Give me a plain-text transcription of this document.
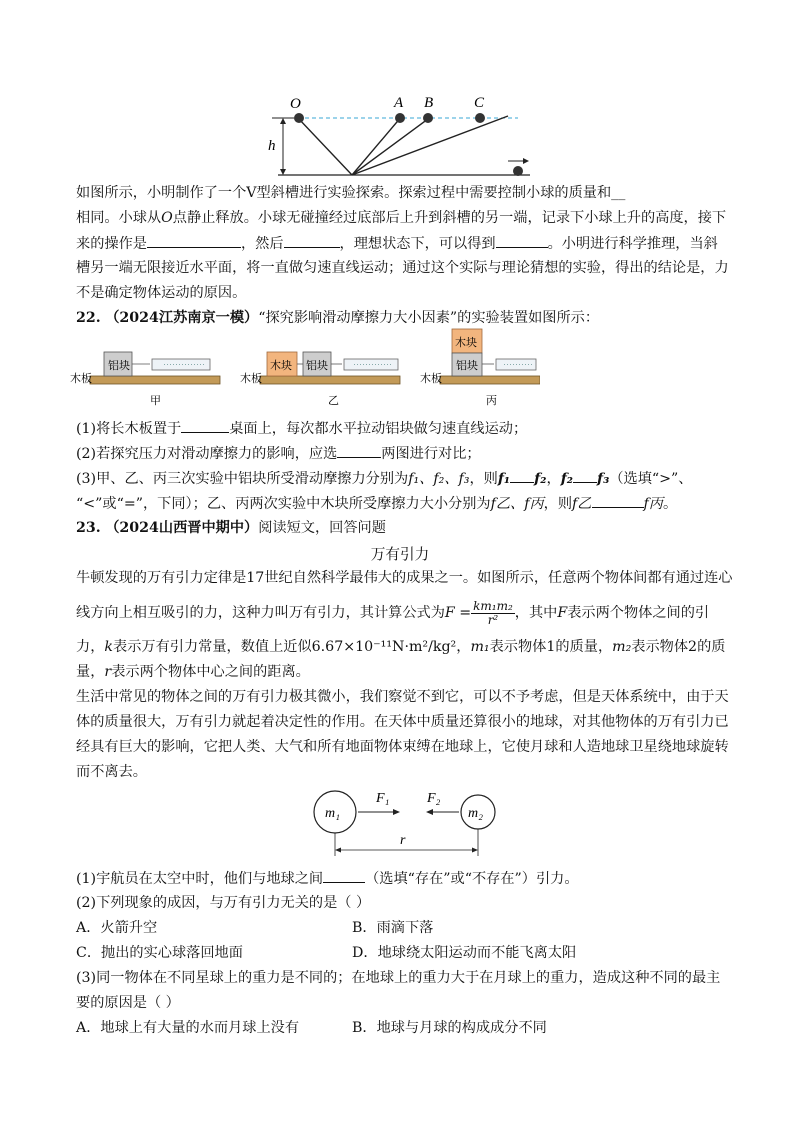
O	A B	C
h
如图所示，小明制作了一个V型斜槽进行实验探索。探索过程中需要控制小球的质量和__
相同。小球从O点静止释放。小球无碰撞经过底部后上升到斜槽的另一端，记录下小球上升的高度，接下
来的操作是	，然后	，理想状态下，可以得到	。小明进行科学推理，当斜
槽另一端无限接近水平面，将一直做匀速直线运动；通过这个实际与理论猜想的实验，得出的结论是，力
不是确定物体运动的原因。
22. （2024江苏南京一模）“探究影响滑动摩擦力大小因素”的实验装置如图所示：
铝块
木板
甲
木块 铝块
木板
乙
木块
铝块
木板
丙
(1)将长木板置于	桌面上，每次都水平拉动铝块做匀速直线运动；
(2)若探究压力对滑动摩擦力的影响，应选	两图进行对比；
(3)甲、乙、丙三次实验中铝块所受滑动摩擦力分别为f₁、f₂、f₃，则f₁ f₂，f₂ f₃（选填“>”、
“<”或“=”，下同）；乙、丙两次实验中木块所受摩擦力大小分别为f乙、f丙，则f乙	f丙。
23. （2024山西晋中期中）阅读短文，回答问题
万有引力
牛顿发现的万有引力定律是17世纪自然科学最伟大的成果之一。如图所示，任意两个物体间都有通过连心
线方向上相互吸引的力，这种力叫万有引力，其计算公式为$F = \frac{\text{km₁m₂}}{\text{r²}}$ ，其中F表示两个物体之间的引
力，k表示万有引力常量，数值上近似6.67×10⁻¹¹N·m²/kg²，m₁表示物体1的质量，m₂表示物体2的质
量，r表示两个物体中心之间的距离。
生活中常见的物体之间的万有引力极其微小，我们察觉不到它，可以不予考虑，但是天体系统中，由于天
体的质量很大，万有引力就起着决定性的作用。在天体中质量还算很小的地球，对其他物体的万有引力已
经具有巨大的影响，它把人类、大气和所有地面物体束缚在地球上，它使月球和人造地球卫星绕地球旋转
而不离去。
m₁	m₂
F₁	F₂
r
(1)宇航员在太空中时，他们与地球之间	（选填“存在”或“不存在”）引力。
(2)下列现象的成因，与万有引力无关的是（ ）
A．火箭升空	B．雨滴下落
C．抛出的实心球落回地面	D．地球绕太阳运动而不能飞离太阳
(3)同一物体在不同星球上的重力是不同的；在地球上的重力大于在月球上的重力，造成这种不同的最主
要的原因是（ ）
A．地球上有大量的水而月球上没有	B．地球与月球的构成成分不同
